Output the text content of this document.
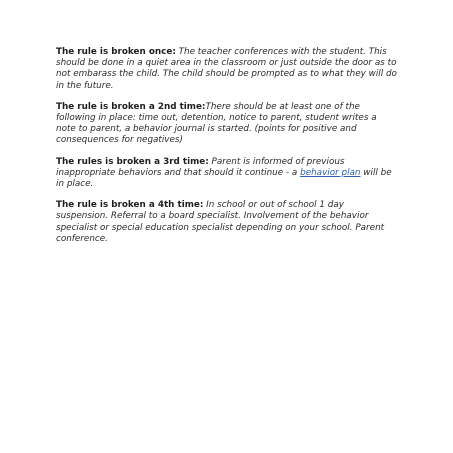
The rule is broken once: The teacher conferences with the student. This should be done in a quiet area in the classroom or just outside the door as to not embarass the child. The child should be prompted as to what they will do in the future.

The rule is broken a 2nd time:There should be at least one of the following in place: time out, detention, notice to parent, student writes a note to parent, a behavior journal is started. (points for positive and consequences for negatives)

The rules is broken a 3rd time: Parent is informed of previous inappropriate behaviors and that should it continue - a behavior plan will be in place.

The rule is broken a 4th time: In school or out of school 1 day suspension. Referral to a board specialist. Involvement of the behavior specialist or special education specialist depending on your school. Parent conference.
